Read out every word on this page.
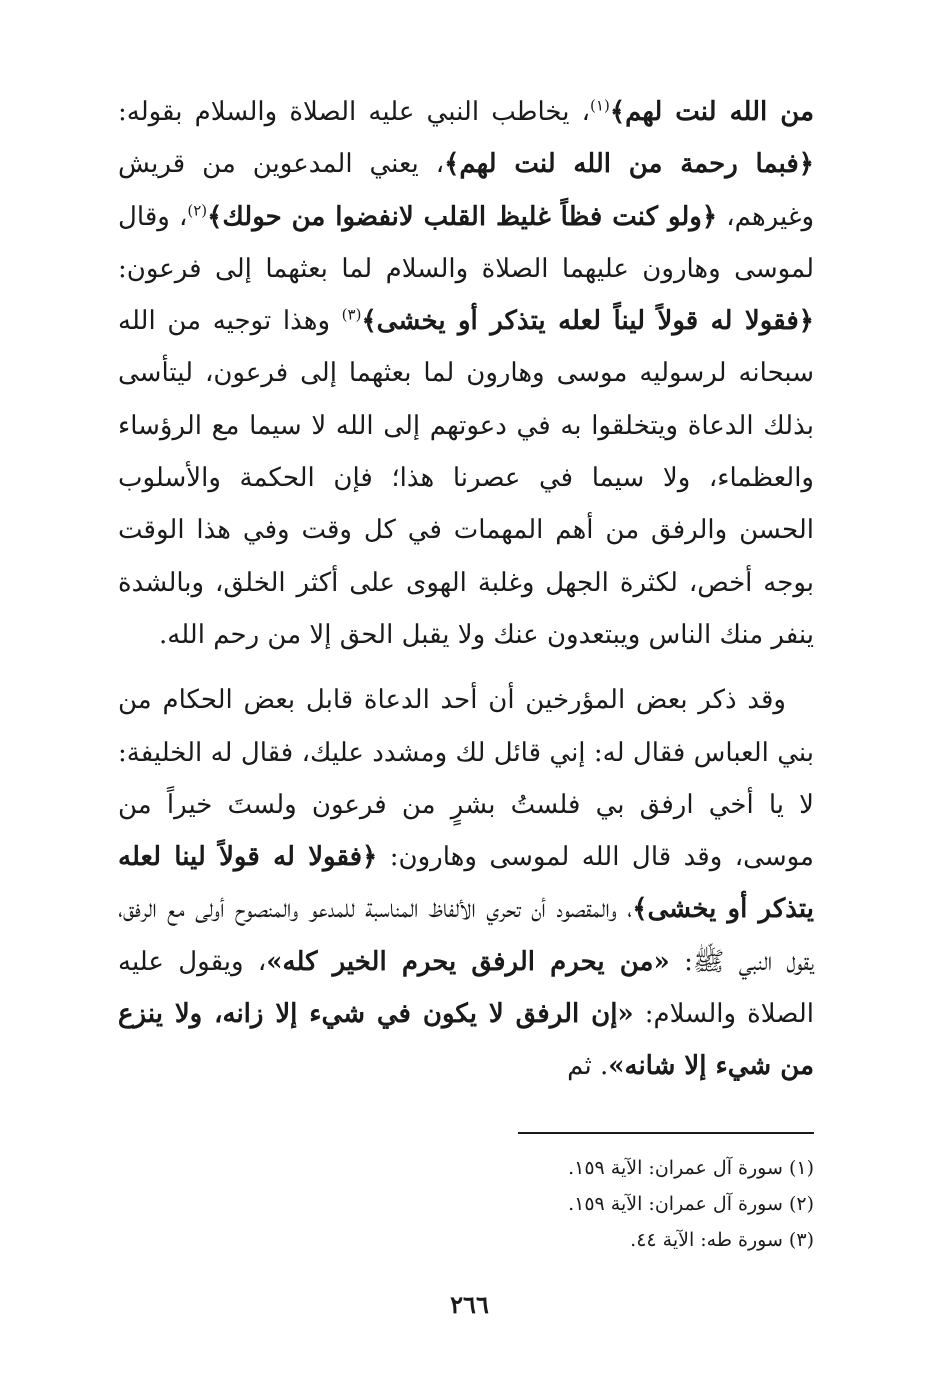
من الله لنت لهم﴾$^{(١)}$، يخاطب النبي عليه الصلاة والسلام بقوله: ﴿فبما رحمة من الله لنت لهم﴾، يعني المدعوين من قريش وغيرهم، ﴿ولو كنت فظاً غليظ القلب لانفضوا من حولك﴾$^{(٢)}$، وقال لموسى وهارون عليهما الصلاة والسلام لما بعثهما إلى فرعون: ﴿فقولا له قولاً ليناً لعله يتذكر أو يخشى﴾$^{(٣)}$ وهذا توجيه من الله سبحانه لرسوليه موسى وهارون لما بعثهما إلى فرعون، ليتأسى بذلك الدعاة ويتخلقوا به في دعوتهم إلى الله لا سيما مع الرؤساء والعظماء، ولا سيما في عصرنا هذا؛ فإن الحكمة والأسلوب الحسن والرفق من أهم المهمات في كل وقت وفي هذا الوقت بوجه أخص، لكثرة الجهل وغلبة الهوى على أكثر الخلق، وبالشدة ينفر منك الناس ويبتعدون عنك ولا يقبل الحق إلا من رحم الله.

وقد ذكر بعض المؤرخين أن أحد الدعاة قابل بعض الحكام من بني العباس فقال له: إني قائل لك ومشدد عليك، فقال له الخليفة: لا يا أخي ارفق بي فلستُ بشرٍ من فرعون ولستَ خيراً من موسى، وقد قال الله لموسى وهارون: ﴿فقولا له قولاً لينا لعله يتذكر أو يخشى﴾، والمقصود أن تحري الألفاظ المناسبة للمدعو والمنصوح أولى مع الرفق، يقول النبي ﷺ: «من يحرم الرفق يحرم الخير كله»، ويقول عليه الصلاة والسلام: «إن الرفق لا يكون في شيء إلا زانه، ولا ينزع من شيء إلا شانه». ثم

(١) سورة آل عمران: الآية ١٥٩.
(٢) سورة آل عمران: الآية ١٥٩.
(٣) سورة طه: الآية ٤٤.
٢٦٦
